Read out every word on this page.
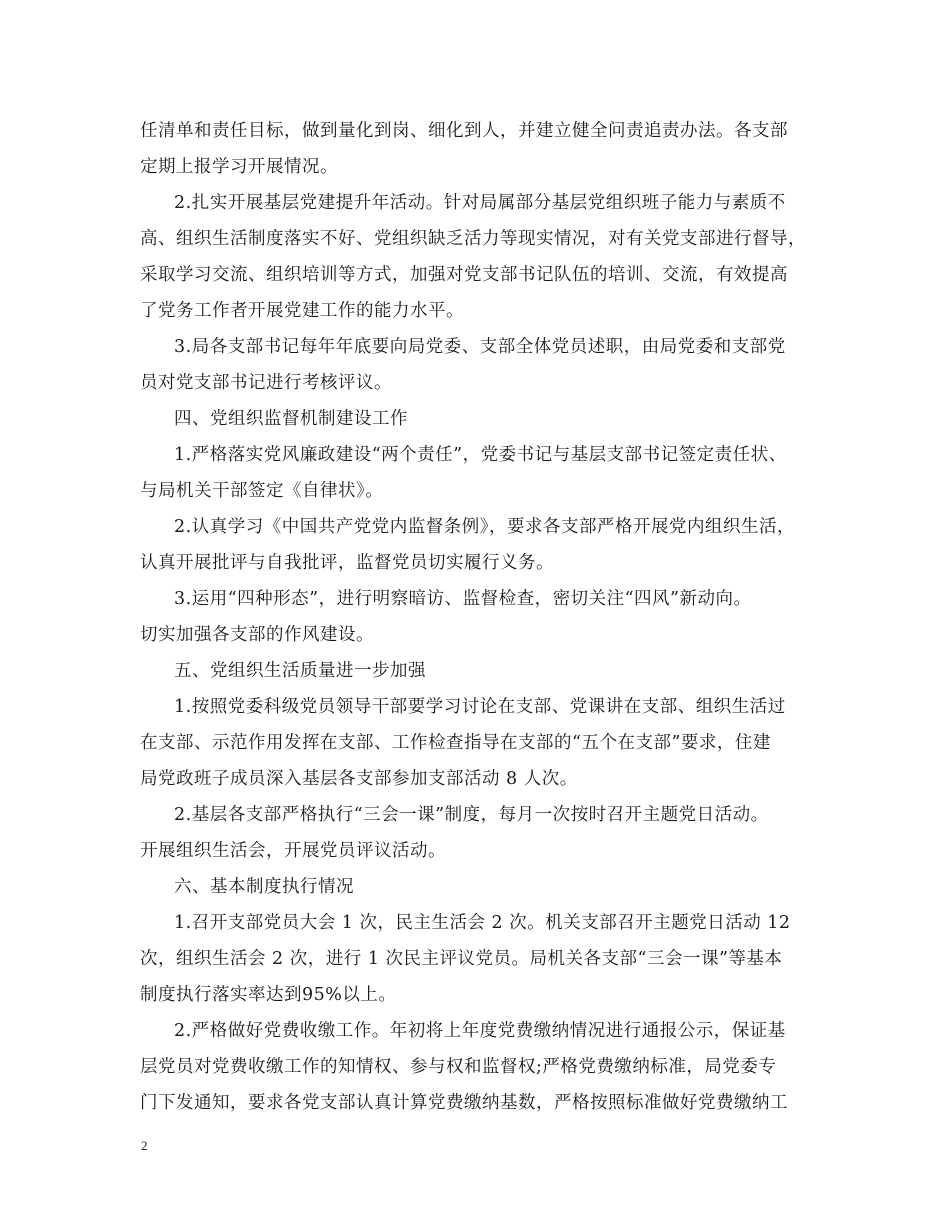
任清单和责任目标，做到量化到岗、细化到人，并建立健全问责追责办法。各支部
定期上报学习开展情况。
2.扎实开展基层党建提升年活动。针对局属部分基层党组织班子能力与素质不
高、组织生活制度落实不好、党组织缺乏活力等现实情况，对有关党支部进行督导，
采取学习交流、组织培训等方式，加强对党支部书记队伍的培训、交流，有效提高
了党务工作者开展党建工作的能力水平。
3.局各支部书记每年年底要向局党委、支部全体党员述职，由局党委和支部党
员对党支部书记进行考核评议。
四、党组织监督机制建设工作
1.严格落实党风廉政建设“两个责任”，党委书记与基层支部书记签定责任状、
与局机关干部签定《自律状》。
2.认真学习《中国共产党党内监督条例》，要求各支部严格开展党内组织生活，
认真开展批评与自我批评，监督党员切实履行义务。
3.运用“四种形态”，进行明察暗访、监督检查，密切关注“四风”新动向。
切实加强各支部的作风建设。
五、党组织生活质量进一步加强
1.按照党委科级党员领导干部要学习讨论在支部、党课讲在支部、组织生活过
在支部、示范作用发挥在支部、工作检查指导在支部的“五个在支部”要求，住建
局党政班子成员深入基层各支部参加支部活动 8 人次。
2.基层各支部严格执行“三会一课”制度，每月一次按时召开主题党日活动。
开展组织生活会，开展党员评议活动。
六、基本制度执行情况
1.召开支部党员大会 1 次，民主生活会 2 次。机关支部召开主题党日活动 12
次，组织生活会 2 次，进行 1 次民主评议党员。局机关各支部“三会一课”等基本
制度执行落实率达到95%以上。
2.严格做好党费收缴工作。年初将上年度党费缴纳情况进行通报公示，保证基
层党员对党费收缴工作的知情权、参与权和监督权;严格党费缴纳标准，局党委专
门下发通知，要求各党支部认真计算党费缴纳基数，严格按照标准做好党费缴纳工
2
